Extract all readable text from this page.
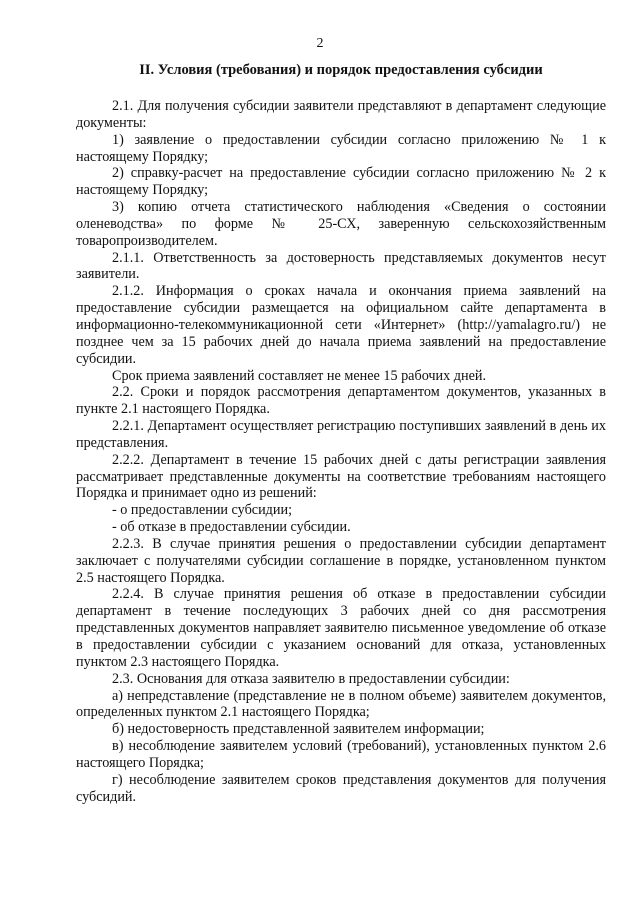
2
II. Условия (требования) и порядок предоставления субсидии

2.1. Для получения субсидии заявители представляют в департамент следующие документы:

1) заявление о предоставлении субсидии согласно приложению № 1 к настоящему Порядку;

2) справку-расчет на предоставление субсидии согласно приложению № 2 к настоящему Порядку;

3) копию отчета статистического наблюдения «Сведения о состоянии оленеводства» по форме № 25-СХ, заверенную сельскохозяйственным товаропроизводителем.

2.1.1. Ответственность за достоверность представляемых документов несут заявители.

2.1.2. Информация о сроках начала и окончания приема заявлений на предоставление субсидии размещается на официальном сайте департамента в информационно-телекоммуникационной сети «Интернет» (http://yamalagro.ru/) не позднее чем за 15 рабочих дней до начала приема заявлений на предоставление субсидии.

Срок приема заявлений составляет не менее 15 рабочих дней.

2.2. Сроки и порядок рассмотрения департаментом документов, указанных в пункте 2.1 настоящего Порядка.

2.2.1. Департамент осуществляет регистрацию поступивших заявлений в день их представления.

2.2.2. Департамент в течение 15 рабочих дней с даты регистрации заявления рассматривает представленные документы на соответствие требованиям настоящего Порядка и принимает одно из решений:

- о предоставлении субсидии;

- об отказе в предоставлении субсидии.

2.2.3. В случае принятия решения о предоставлении субсидии департамент заключает с получателями субсидии соглашение в порядке, установленном пунктом 2.5 настоящего Порядка.

2.2.4. В случае принятия решения об отказе в предоставлении субсидии департамент в течение последующих 3 рабочих дней со дня рассмотрения представленных документов направляет заявителю письменное уведомление об отказе в предоставлении субсидии с указанием оснований для отказа, установленных пунктом 2.3 настоящего Порядка.

2.3. Основания для отказа заявителю в предоставлении субсидии:

а) непредставление (представление не в полном объеме) заявителем документов, определенных пунктом 2.1 настоящего Порядка;

б) недостоверность представленной заявителем информации;

в) несоблюдение заявителем условий (требований), установленных пунктом 2.6 настоящего Порядка;

г) несоблюдение заявителем сроков представления документов для получения субсидий.
